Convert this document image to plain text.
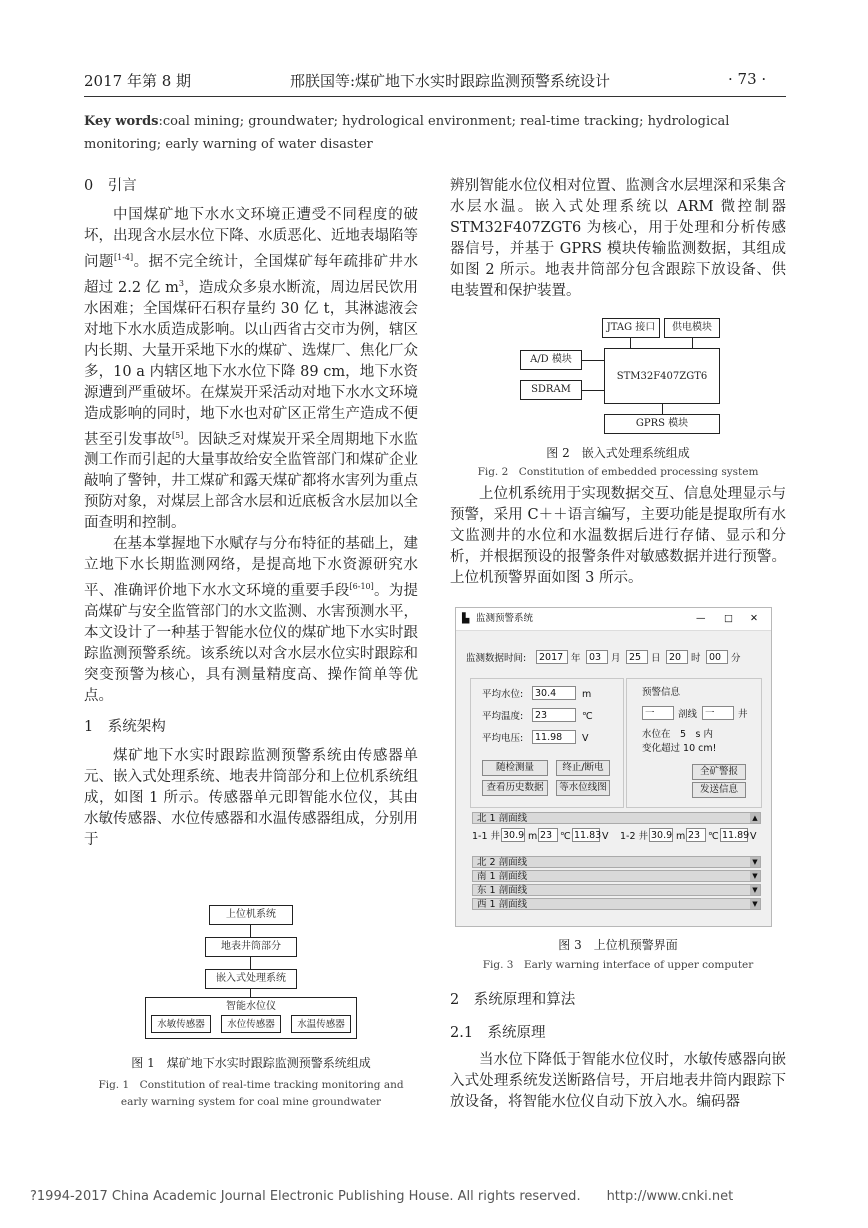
2017 年第 8 期	邢朕国等:煤矿地下水实时跟踪监测预警系统设计	· 73 ·
Key words:coal mining; groundwater; hydrological environment; real-time tracking; hydrological monitoring; early warning of water disaster
0　引言

中国煤矿地下水水文环境正遭受不同程度的破坏，出现含水层水位下降、水质恶化、近地表塌陷等问题[1-4]。据不完全统计，全国煤矿每年疏排矿井水超过 2.2 亿 $m^3$，造成众多泉水断流，周边居民饮用水困难；全国煤矸石积存量约 30 亿 t，其淋滤液会对地下水水质造成影响。以山西省古交市为例，辖区内长期、大量开采地下水的煤矿、选煤厂、焦化厂众多，10 a 内辖区地下水水位下降 89 cm，地下水资源遭到严重破坏。在煤炭开采活动对地下水水文环境造成影响的同时，地下水也对矿区正常生产造成不便甚至引发事故[5]。因缺乏对煤炭开采全周期地下水监测工作而引起的大量事故给安全监管部门和煤矿企业敲响了警钟，井工煤矿和露天煤矿都将水害列为重点预防对象，对煤层上部含水层和近底板含水层加以全面查明和控制。

在基本掌握地下水赋存与分布特征的基础上，建立地下水长期监测网络，是提高地下水资源研究水平、准确评价地下水水文环境的重要手段[6-10]。为提高煤矿与安全监管部门的水文监测、水害预测水平，本文设计了一种基于智能水位仪的煤矿地下水实时跟踪监测预警系统。该系统以对含水层水位实时跟踪和突变预警为核心，具有测量精度高、操作简单等优点。

1　系统架构

煤矿地下水实时跟踪监测预警系统由传感器单元、嵌入式处理系统、地表井筒部分和上位机系统组成，如图 1 所示。传感器单元即智能水位仪，其由水敏传感器、水位传感器和水温传感器组成，分别用于

上位机系统
地表井筒部分
嵌入式处理系统
智能水位仪
水敏传感器	水位传感器	水温传感器
图 1　煤矿地下水实时跟踪监测预警系统组成
Fig. 1　Constitution of real-time tracking monitoring and
early warning system for coal mine groundwater

辨别智能水位仪相对位置、监测含水层埋深和采集含水层水温。嵌入式处理系统以 ARM 微控制器 STM32F407ZGT6 为核心，用于处理和分析传感器信号，并基于 GPRS 模块传输监测数据，其组成如图 2 所示。地表井筒部分包含跟踪下放设备、供电装置和保护装置。

JTAG 接口	供电模块
STM32F407ZGT6
A/D 模块
SDRAM
GPRS 模块
图 2　嵌入式处理系统组成
Fig. 2　Constitution of embedded processing system

上位机系统用于实现数据交互、信息处理显示与预警，采用 C＋＋语言编写，主要功能是提取所有水文监测井的水位和水温数据后进行存储、显示和分析，并根据预设的报警条件对敏感数据并进行预警。上位机预警界面如图 3 所示。

▙ 监测预警系统	— □ ✕
监测数据时间:	2017 年 03	月 25	日 20	时 00	分
平均水位:	30.4	m
平均温度:	23	℃
平均电压:	11.98	V
随检测量	终止/断电
查看历史数据	等水位线图
预警信息
一	剖线 一	井
水位在　5　s 内
变化超过 10 cm!
全矿警报
发送信息
北 1 剖面线	▲
1-1 井 30.9 m 23 ℃ 11.83 V 1-2 井 30.9 m 23 ℃ 11.89 V
北 2 剖面线	▼
南 1 剖面线	▼
东 1 剖面线	▼
西 1 剖面线	▼
图 3　上位机预警界面
Fig. 3　Early warning interface of upper computer
2　系统原理和算法
2.1　系统原理

当水位下降低于智能水位仪时，水敏传感器向嵌入式处理系统发送断路信号，开启地表井筒内跟踪下放设备，将智能水位仪自动下放入水。编码器

?1994-2017 China Academic Journal Electronic Publishing House. All rights reserved.　　http://www.cnki.net
